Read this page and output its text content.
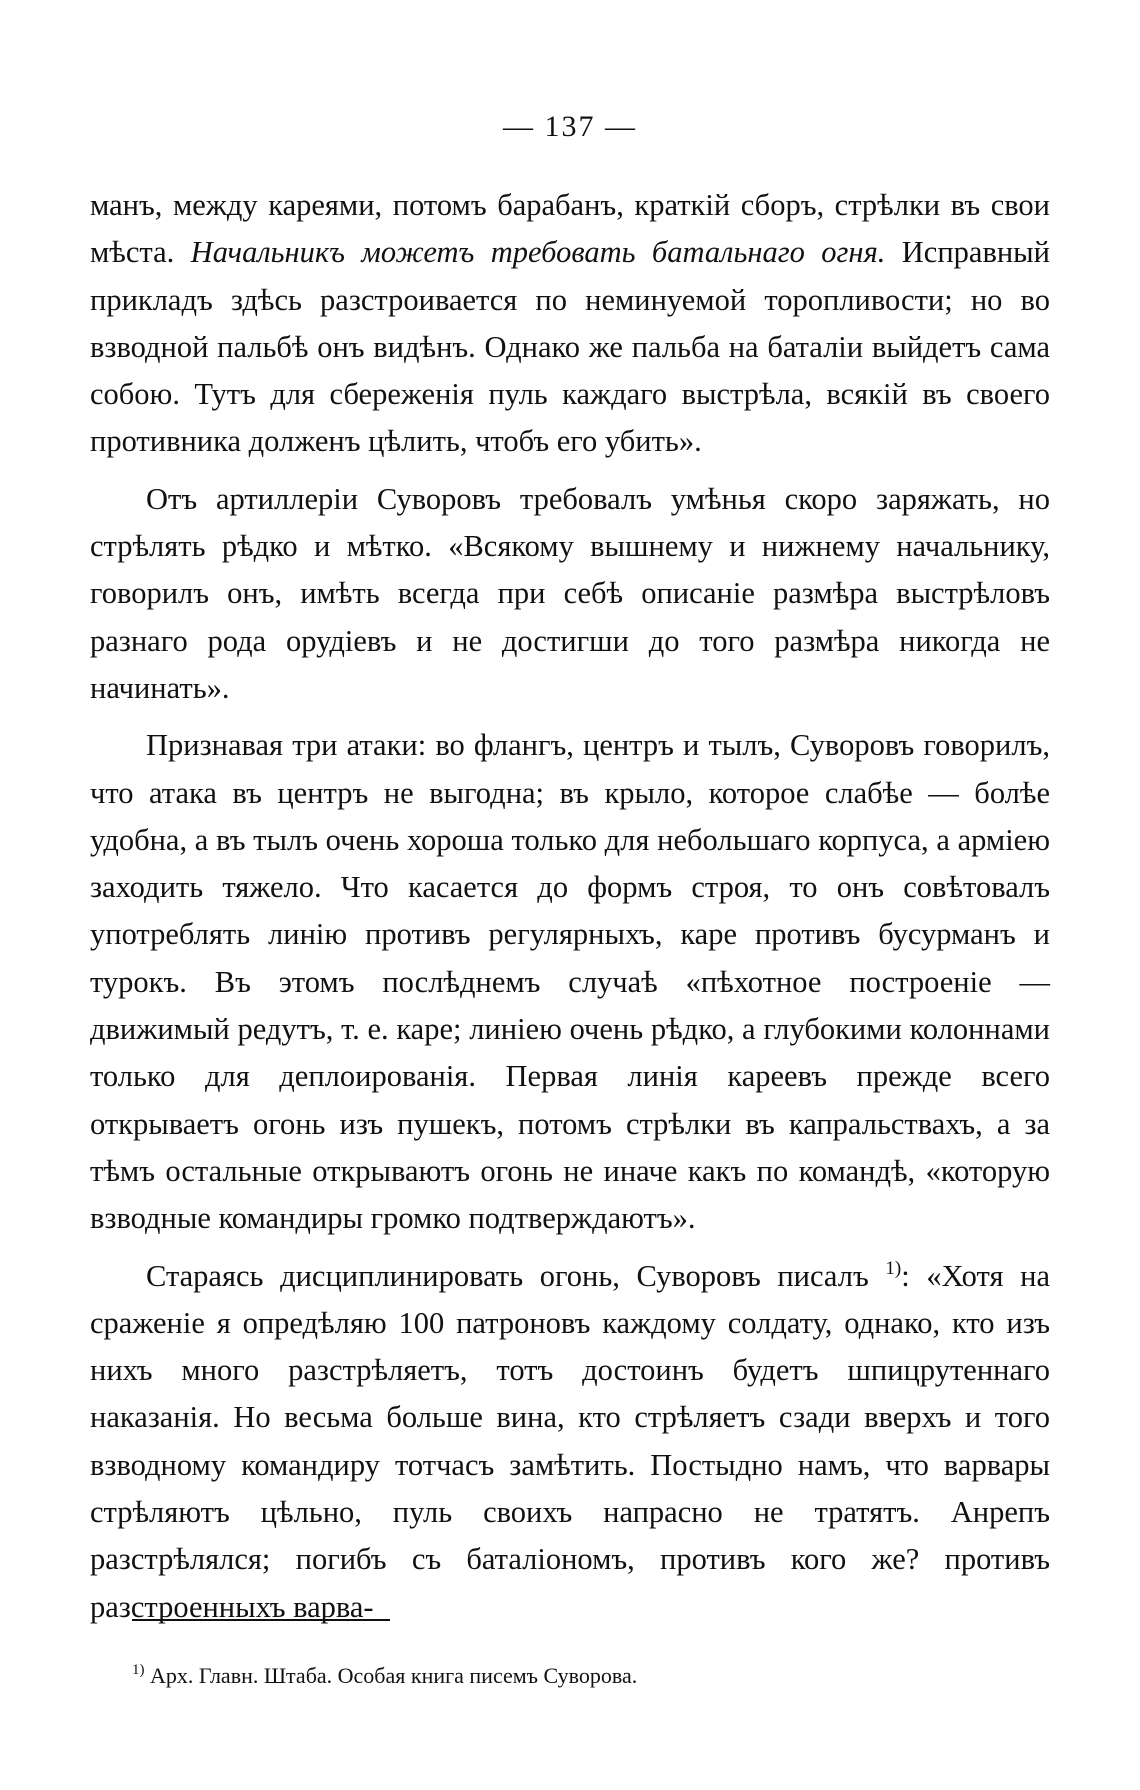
— 137 —

манъ, между кареями, потомъ барабанъ, краткій сборъ, стрѣлки въ свои мѣста. Начальникъ можетъ требовать батальнаго огня. Исправный прикладъ здѣсь разстроивается по неминуемой торопливости; но во взводной пальбѣ онъ видѣнъ. Однако же пальба на баталіи выйдетъ сама собою. Тутъ для сбереженія пуль каждаго выстрѣла, всякій въ своего противника долженъ цѣлить, чтобъ его убить».

Отъ артиллеріи Суворовъ требовалъ умѣнья скоро заряжать, но стрѣлять рѣдко и мѣтко. «Всякому вышнему и нижнему начальнику, говорилъ онъ, имѣть всегда при себѣ описаніе размѣра выстрѣловъ разнаго рода орудіевъ и не достигши до того размѣра никогда не начинать».

Признавая три атаки: во флангъ, центръ и тылъ, Суворовъ говорилъ, что атака въ центръ не выгодна; въ крыло, которое слабѣе — болѣе удобна, а въ тылъ очень хороша только для небольшаго корпуса, а арміею заходить тяжело. Что касается до формъ строя, то онъ совѣтовалъ употреблять линію противъ регулярныхъ, каре противъ бусурманъ и турокъ. Въ этомъ послѣднемъ случаѣ «пѣхотное построеніе — движимый редутъ, т. е. каре; линіею очень рѣдко, а глубокими колоннами только для деплоированія. Первая линія кареевъ прежде всего открываетъ огонь изъ пушекъ, потомъ стрѣлки въ капральствахъ, а за тѣмъ остальные открываютъ огонь не иначе какъ по командѣ, «которую взводные командиры громко подтверждаютъ».

Стараясь дисциплинировать огонь, Суворовъ писалъ $^{1)}$: «Хотя на сраженіе я опредѣляю 100 патроновъ каждому солдату, однако, кто изъ нихъ много разстрѣляетъ, тотъ достоинъ будетъ шпицрутеннаго наказанія. Но весьма больше вина, кто стрѣляетъ сзади вверхъ и того взводному командиру тотчасъ замѣтить. Постыдно намъ, что варвары стрѣляютъ цѣльно, пуль своихъ напрасно не тратятъ. Анрепъ разстрѣлялся; погибъ съ баталіономъ, противъ кого же? противъ разстроенныхъ варва-

$^{1)}$ Арх. Главн. Штаба. Особая книга писемъ Суворова.
